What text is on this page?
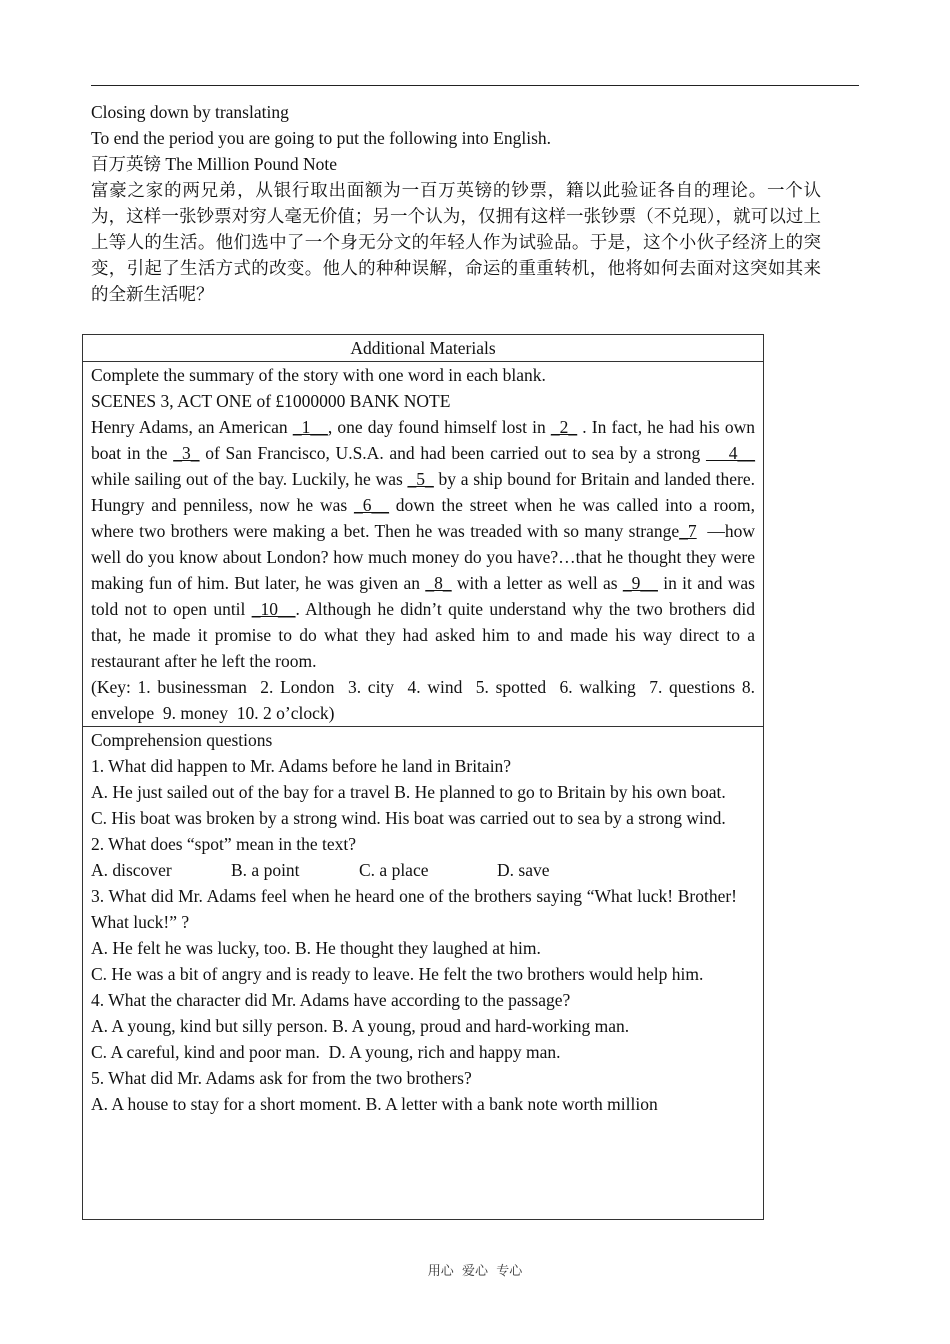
Closing down by translating

To end the period you are going to put the following into English.

百万英镑 The Million Pound Note

富豪之家的两兄弟，从银行取出面额为一百万英镑的钞票，籍以此验证各自的理论。一个认为，这样一张钞票对穷人毫无价值；另一个认为，仅拥有这样一张钞票（不兑现），就可以过上上等人的生活。他们选中了一个身无分文的年轻人作为试验品。于是，这个小伙子经济上的突变，引起了生活方式的改变。他人的种种误解，命运的重重转机，他将如何去面对这突如其来的全新生活呢？

Additional Materials

Complete the summary of the story with one word in each blank.

SCENES 3, ACT ONE of £1000000 BANK NOTE

Henry Adams, an American _1__, one day found himself lost in _2_ . In fact, he had his own boat in the _3_ of San Francisco, U.S.A. and had been carried out to sea by a strong     4__ while sailing out of the bay. Luckily, he was _5_ by a ship bound for Britain and landed there. Hungry and penniless, now he was _6__ down the street when he was called into a room, where two brothers were making a bet. Then he was treaded with so many strange_7  —how well do you know about London? how much money do you have?…that he thought they were making fun of him. But later, he was given an _8_ with a letter as well as _9__ in it and was told not to open until _10__. Although he didn’t quite understand why the two brothers did that, he made it promise to do what they had asked him to and made his way direct to a restaurant after he left the room.

(Key: 1. businessman  2. London  3. city  4. wind  5. spotted  6. walking  7. questions 8. envelope  9. money  10. 2 o’clock)

Comprehension questions

1. What did happen to Mr. Adams before he land in Britain?

A. He just sailed out of the bay for a travel B. He planned to go to Britain by his own boat.

C. His boat was broken by a strong wind. His boat was carried out to sea by a strong wind.

2. What does “spot” mean in the text?

A. discover	B. a point	C. a place	D. save

3. What did Mr. Adams feel when he heard one of the brothers saying “What luck! Brother! What luck!” ?

A. He felt he was lucky, too. B. He thought they laughed at him.

C. He was a bit of angry and is ready to leave. He felt the two brothers would help him.

4. What the character did Mr. Adams have according to the passage?

A. A young, kind but silly person. B. A young, proud and hard-working man.

C. A careful, kind and poor man.  D. A young, rich and happy man.

5. What did Mr. Adams ask for from the two brothers?

A. A house to stay for a short moment. B. A letter with a bank note worth million

用心  爱心  专心
